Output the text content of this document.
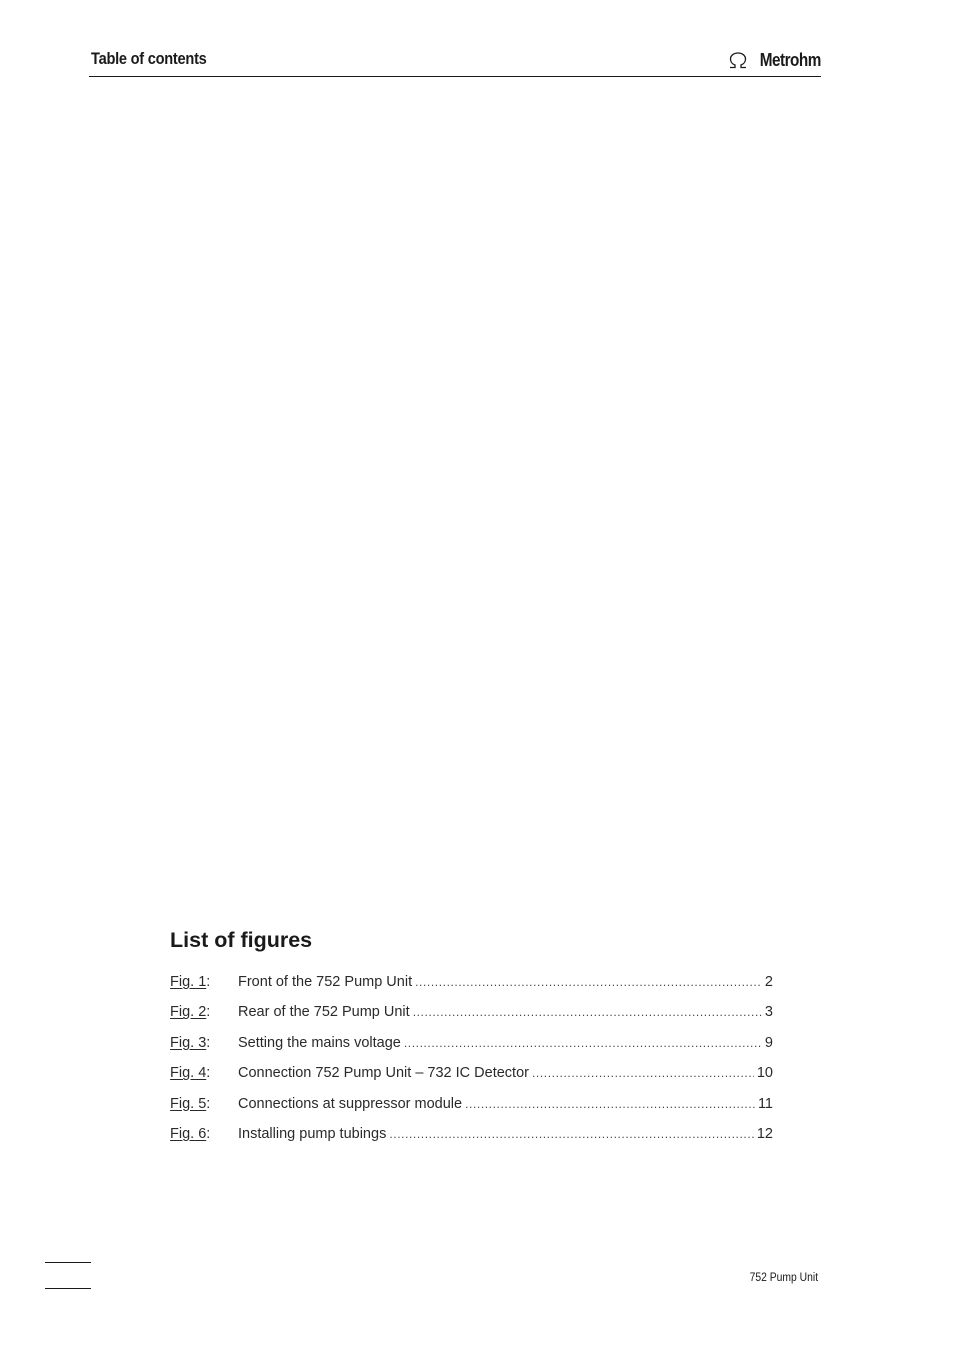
Table of contents	Metrohm
List of figures
Fig. 1:	Front of the 752 Pump Unit .....	2
Fig. 2:	Rear of the 752 Pump Unit .....	3
Fig. 3:	Setting the mains voltage .....	9
Fig. 4:	Connection 752 Pump Unit – 732 IC Detector .....	10
Fig. 5:	Connections at suppressor module .....	11
Fig. 6:	Installing pump tubings .....	12
752 Pump Unit
